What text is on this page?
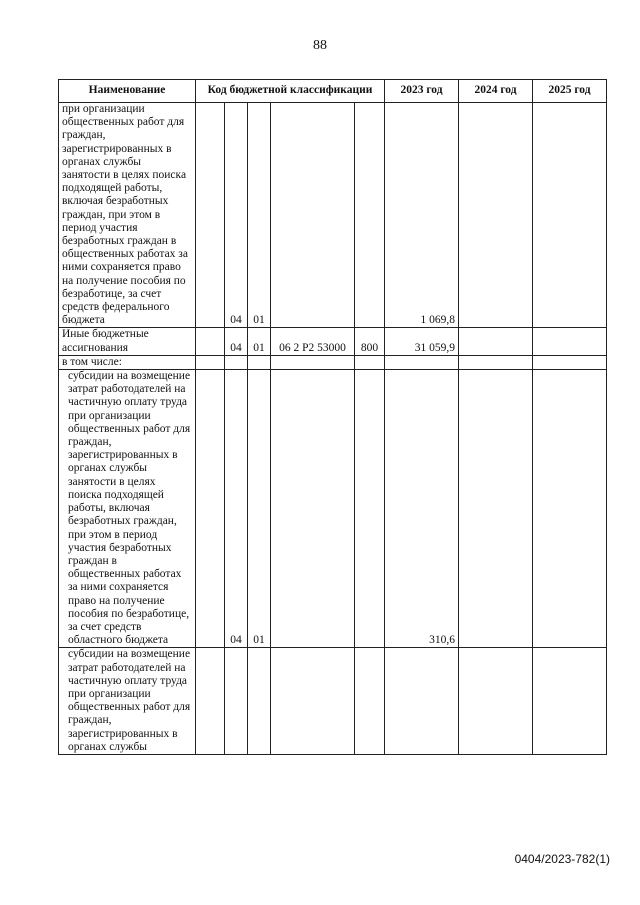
88
Наименование	Код бюджетной классификации					2023 год	2024 год	2025 год
при организации общественных работ для граждан, зарегистрированных в органах службы занятости в целях поиска подходящей работы, включая безработных граждан, при этом в период участия безработных граждан в общественных работах за ними сохраняется право на получение пособия по безработице, за счет средств федерального бюджета		04	01			1 069,8		
Иные бюджетные ассигнования		04	01	06 2 P2 53000	800	31 059,9		
в том числе:								
субсидии на возмещение затрат работодателей на частичную оплату труда при организации общественных работ для граждан, зарегистрированных в органах службы занятости в целях поиска подходящей работы, включая безработных граждан, при этом в период участия безработных граждан в общественных работах за ними сохраняется право на получение пособия по безработице, за счет средств областного бюджета		04	01			310,6		
субсидии на возмещение затрат работодателей на частичную оплату труда при организации общественных работ для граждан, зарегистрированных в органах службы								
0404/2023-782(1)
